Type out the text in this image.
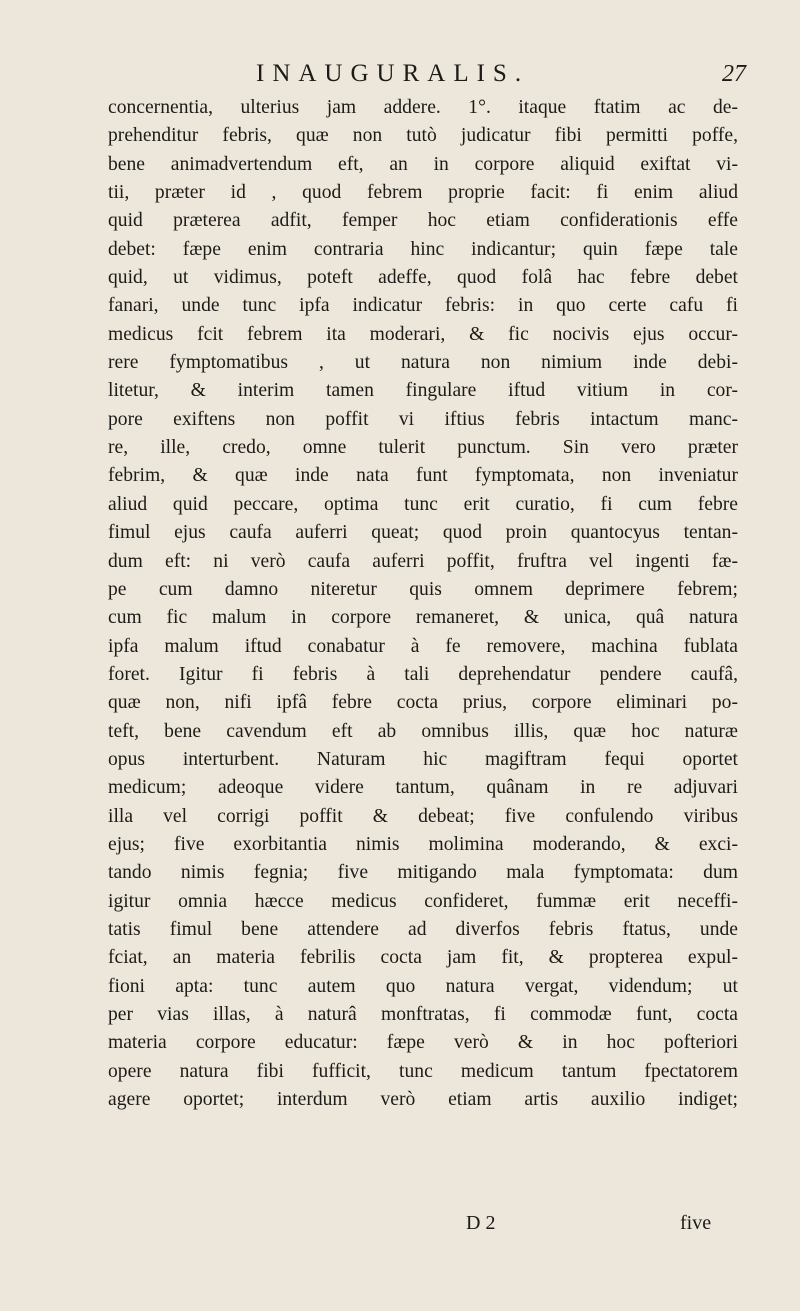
INAUGURALIS.	27
concernentia, ulterius jam addere. 1°. itaque ftatim ac de-
prehenditur febris, quæ non tutò judicatur fibi permitti poffe,
bene animadvertendum eft, an in corpore aliquid exiftat vi-
tii, præter id , quod febrem proprie facit: fi enim aliud
quid præterea adfit, femper hoc etiam confiderationis effe
debet: fæpe enim contraria hinc indicantur; quin fæpe tale
quid, ut vidimus, poteft adeffe, quod folâ hac febre debet
fanari, unde tunc ipfa indicatur febris: in quo certe cafu fi
medicus fcit febrem ita moderari, & fic nocivis ejus occur-
rere fymptomatibus , ut natura non nimium inde debi-
litetur, & interim tamen fingulare iftud vitium in cor-
pore exiftens non poffit vi iftius febris intactum manc-
re, ille, credo, omne tulerit punctum. Sin vero præter
febrim, & quæ inde nata funt fymptomata, non inveniatur
aliud quid peccare, optima tunc erit curatio, fi cum febre
fimul ejus caufa auferri queat; quod proin quantocyus tentan-
dum eft: ni verò caufa auferri poffit, fruftra vel ingenti fæ-
pe cum damno niteretur quis omnem deprimere febrem;
cum fic malum in corpore remaneret, & unica, quâ natura
ipfa malum iftud conabatur à fe removere, machina fublata
foret. Igitur fi febris à tali deprehendatur pendere caufâ,
quæ non, nifi ipfâ febre cocta prius, corpore eliminari po-
teft, bene cavendum eft ab omnibus illis, quæ hoc naturæ
opus interturbent. Naturam hic magiftram fequi oportet
medicum; adeoque videre tantum, quânam in re adjuvari
illa vel corrigi poffit & debeat; five confulendo viribus
ejus; five exorbitantia nimis molimina moderando, & exci-
tando nimis fegnia; five mitigando mala fymptomata: dum
igitur omnia hæcce medicus confideret, fummæ erit neceffi-
tatis fimul bene attendere ad diverfos febris ftatus, unde
fciat, an materia febrilis cocta jam fit, & propterea expul-
fioni apta: tunc autem quo natura vergat, videndum; ut
per vias illas, à naturâ monftratas, fi commodæ funt, cocta
materia corpore educatur: fæpe verò & in hoc pofteriori
opere natura fibi fufficit, tunc medicum tantum fpectatorem
agere oportet; interdum verò etiam artis auxilio indiget;
D 2	five
